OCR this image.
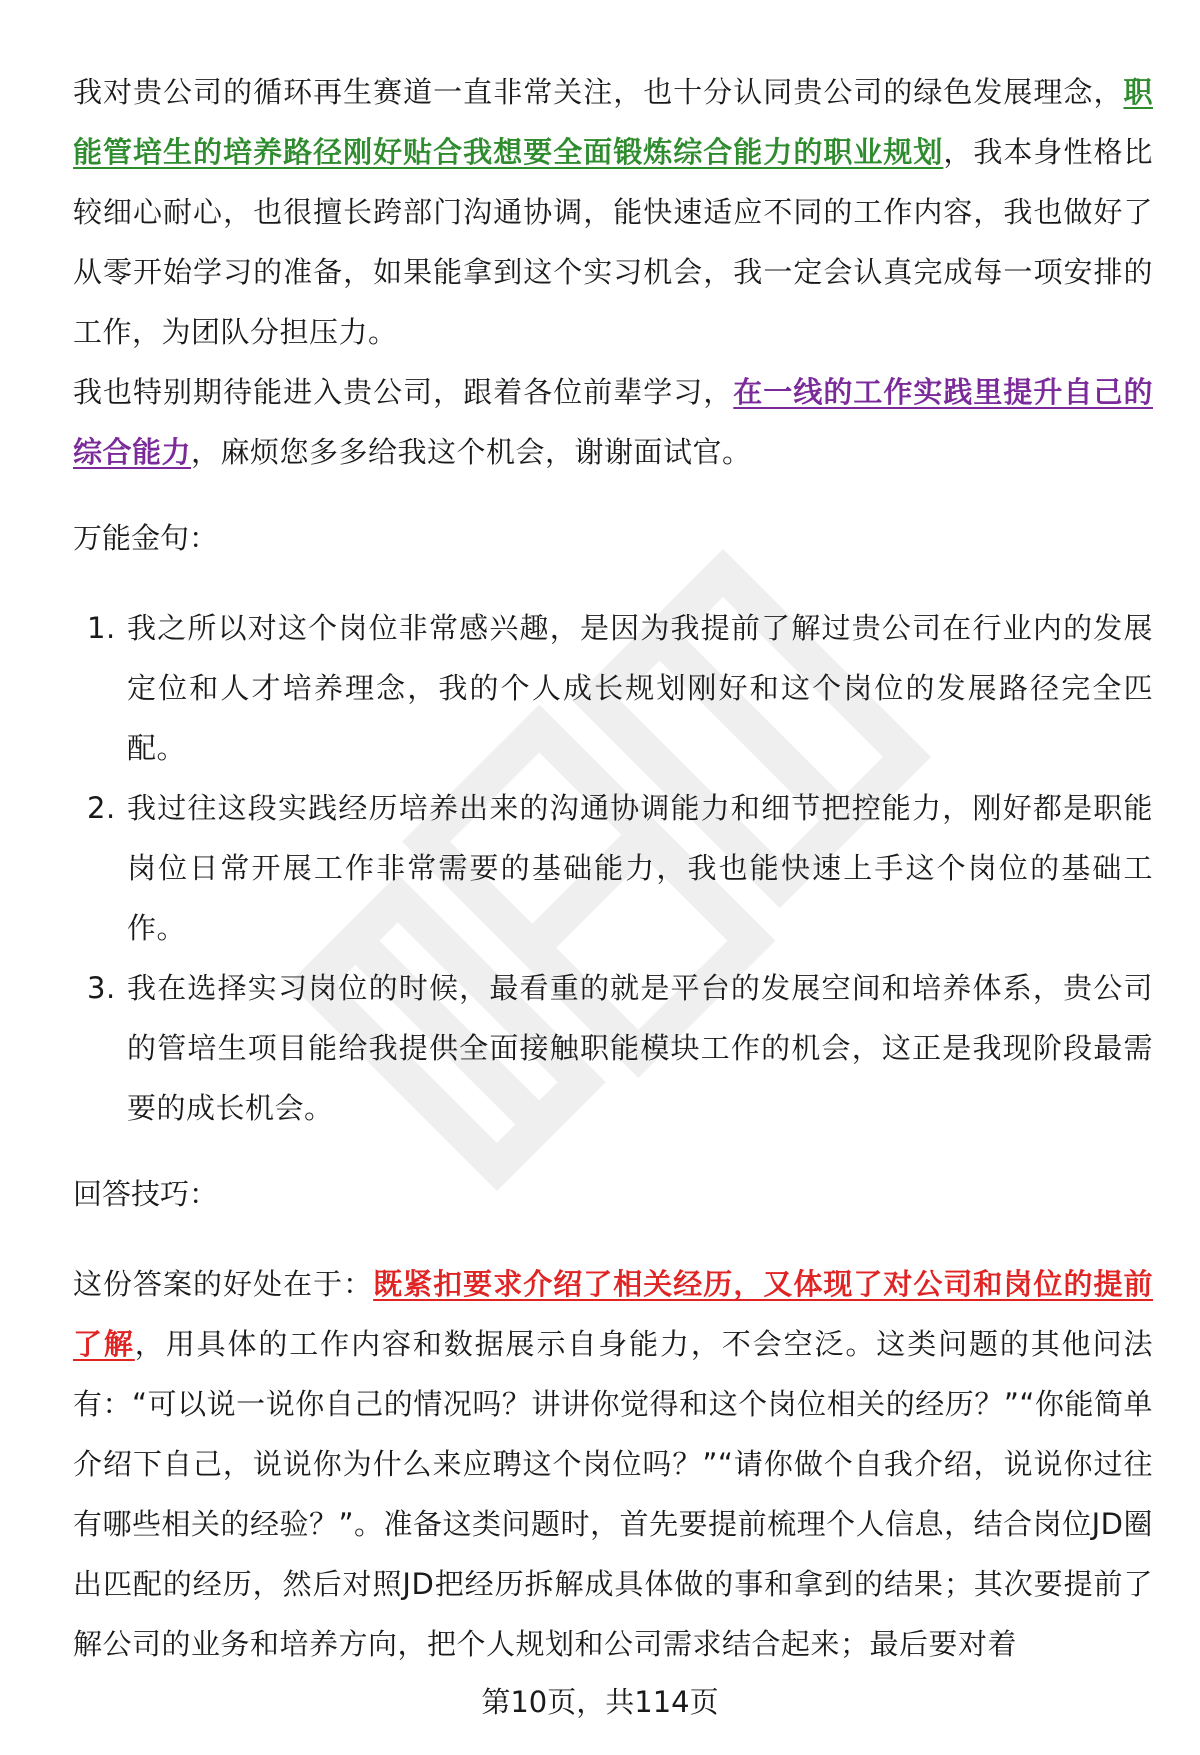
我对贵公司的循环再生赛道一直非常关注，也十分认同贵公司的绿色发展理念，职能管培生的培养路径刚好贴合我想要全面锻炼综合能力的职业规划，我本身性格比较细心耐心，也很擅长跨部门沟通协调，能快速适应不同的工作内容，我也做好了从零开始学习的准备，如果能拿到这个实习机会，我一定会认真完成每一项安排的工作，为团队分担压力。

我也特别期待能进入贵公司，跟着各位前辈学习，在一线的工作实践里提升自己的综合能力，麻烦您多多给我这个机会，谢谢面试官。

万能金句：

1. 我之所以对这个岗位非常感兴趣，是因为我提前了解过贵公司在行业内的发展定位和人才培养理念，我的个人成长规划刚好和这个岗位的发展路径完全匹配。
2. 我过往这段实践经历培养出来的沟通协调能力和细节把控能力，刚好都是职能岗位日常开展工作非常需要的基础能力，我也能快速上手这个岗位的基础工作。
3. 我在选择实习岗位的时候，最看重的就是平台的发展空间和培养体系，贵公司的管培生项目能给我提供全面接触职能模块工作的机会，这正是我现阶段最需要的成长机会。

回答技巧：

这份答案的好处在于：既紧扣要求介绍了相关经历，又体现了对公司和岗位的提前了解，用具体的工作内容和数据展示自身能力，不会空泛。这类问题的其他问法有：“可以说一说你自己的情况吗？讲讲你觉得和这个岗位相关的经历？”“你能简单介绍下自己，说说你为什么来应聘这个岗位吗？”“请你做个自我介绍，说说你过往有哪些相关的经验？”。准备这类问题时，首先要提前梳理个人信息，结合岗位JD圈出匹配的经历，然后对照JD把经历拆解成具体做的事和拿到的结果；其次要提前了解公司的业务和培养方向，把个人规划和公司需求结合起来；最后要对着

第10页，共114页
